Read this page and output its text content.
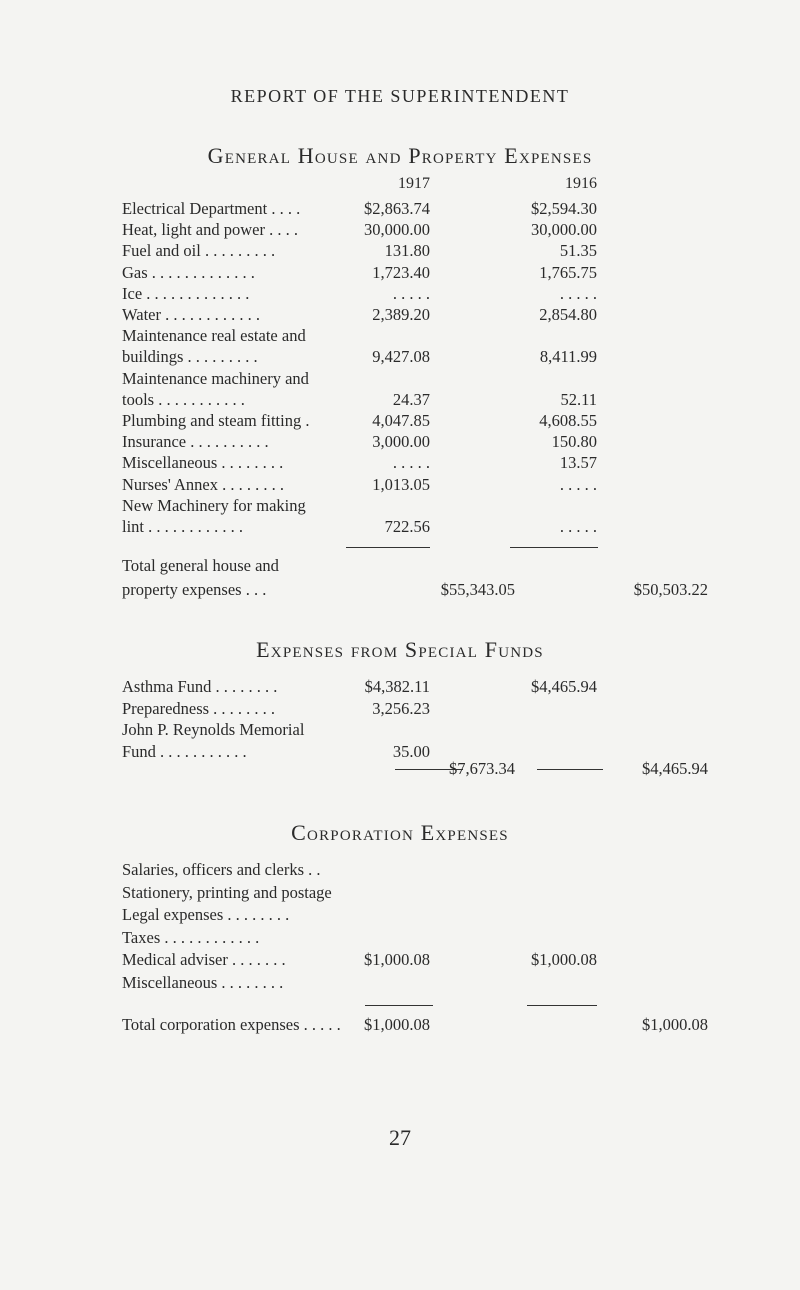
REPORT OF THE SUPERINTENDENT
General House and Property Expenses
1917	1916
Electrical Department . . . .	$2,863.74	$2,594.30
Heat, light and power . . . .	30,000.00	30,000.00
Fuel and oil . . . . . . . . .	131.80	51.35
Gas . . . . . . . . . . . . .	1,723.40	1,765.75
Ice . . . . . . . . . . . . .	. . . . .	. . . . .
Water . . . . . . . . . . . .	2,389.20	2,854.80
Maintenance real estate and
buildings . . . . . . . . .	9,427.08	8,411.99
Maintenance machinery and
tools . . . . . . . . . . .	24.37	52.11
Plumbing and steam fitting .	4,047.85	4,608.55
Insurance . . . . . . . . . .	3,000.00	150.80
Miscellaneous . . . . . . . .	. . . . .	13.57
Nurses' Annex . . . . . . . .	1,013.05	. . . . .
New Machinery for making
lint . . . . . . . . . . . .	722.56	. . . . .
Total general house and
property expenses . . .	$55,343.05	$50,503.22
Expenses from Special Funds
Asthma Fund . . . . . . . .	$4,382.11	$4,465.94
Preparedness . . . . . . . .	3,256.23
John P. Reynolds Memorial
Fund . . . . . . . . . . .	35.00
$7,673.34	$4,465.94
Corporation Expenses
Salaries, officers and clerks . .
Stationery, printing and postage
Legal expenses . . . . . . . .
Taxes . . . . . . . . . . . .
Medical adviser . . . . . . .	$1,000.08	$1,000.08
Miscellaneous . . . . . . . .
Total corporation expenses . . . . .	$1,000.08	$1,000.08
27
